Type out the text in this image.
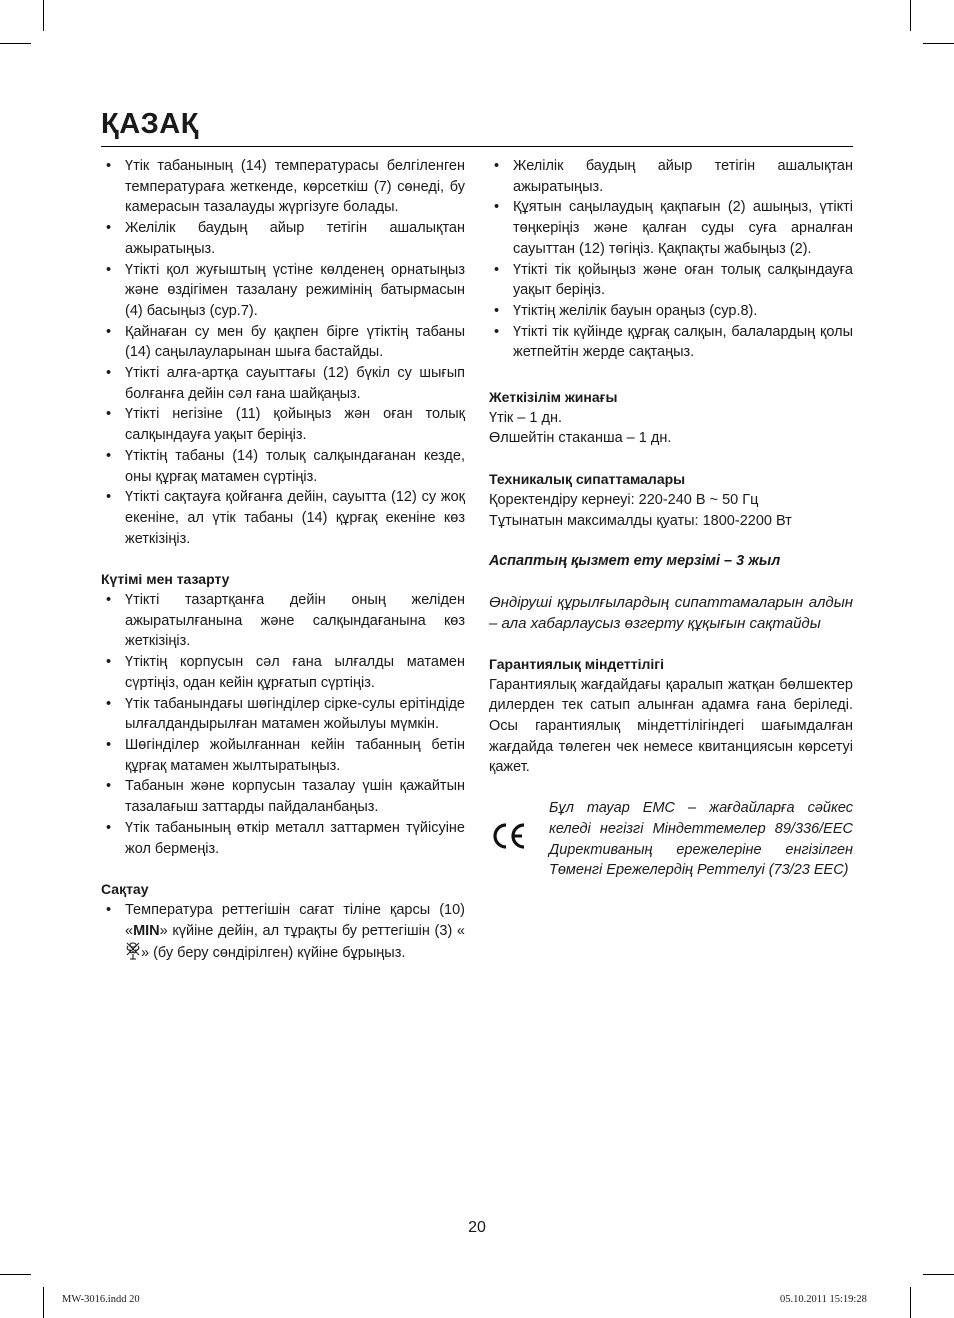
ҚАЗАҚ
• Үтік табанының (14) температурасы белгіленген температураға жеткенде, көрсеткіш (7) сөнеді, бу камерасын тазалауды жүргізуге болады.
• Желілік баудың айыр тетігін ашалықтан ажыратыңыз.
• Үтікті қол жуғыштың үстіне көлденең орнатыңыз және өздігімен тазалану режимінің батырмасын (4) басыңыз (сур.7).
• Қайнаған су мен бу қақпен бірге үтіктің табаны (14) саңылауларынан шыға бастайды.
• Үтікті алға-артқа сауыттағы (12) бүкіл су шығып болғанға дейін сәл ғана шайқаңыз.
• Үтікті негізіне (11) қойыңыз жән оған толық салқындауға уақыт беріңіз.
• Үтіктің табаны (14) толық салқындағанан кезде, оны құрғақ матамен сүртіңіз.
• Үтікті сақтауға қойғанға дейін, сауытта (12) су жоқ екеніне, ал үтік табаны (14) құрғақ екеніне көз жеткізіңіз.
Күтімі мен тазарту
• Үтікті тазартқанға дейін оның желіден ажыратылғанына және салқындағанына көз жеткізіңіз.
• Үтіктің корпусын сәл ғана ылғалды матамен сүртіңіз, одан кейін құрғатып сүртіңіз.
• Үтік табанындағы шөгінділер сірке-сулы ерітіндіде ылғалдандырылған матамен жойылуы мүмкін.
• Шөгінділер жойылғаннан кейін табанның бетін құрғақ матамен жылтыратыңыз.
• Табанын және корпусын тазалау үшін қажайтын тазалағыш заттарды пайдаланбаңыз.
• Үтік табанының өткір металл заттармен түйісуіне жол бермеңіз.
Сақтау
• Температура реттегішін сағат тіліне қарсы (10) «MIN» күйіне дейін, ал тұрақты бу реттегішін (3) «» (бу беру сөндірілген) күйіне бұрыңыз.
• Желілік баудың айыр тетігін ашалықтан ажыратыңыз.
• Құятын саңылаудың қақпағын (2) ашыңыз, үтікті төңкеріңіз және қалған суды суға арналған сауыттан (12) төгіңіз. Қақпақты жабыңыз (2).
• Үтікті тік қойыңыз және оған толық салқындауға уақыт беріңіз.
• Үтіктің желілік бауын ораңыз (сур.8).
• Үтікті тік күйінде құрғақ салқын, балалардың қолы жетпейтін жерде сақтаңыз.
Жеткізілім жинағы
Үтік – 1 дн.
Өлшейтін стаканша – 1 дн.
Техникалық сипаттамалары
Қоректендіру кернеуі: 220-240 В ~ 50 Гц
Тұтынатын максималды қуаты: 1800-2200 Вт
Аспаптың қызмет ету мерзімі – 3 жыл
Өндіруші құрылғылардың сипаттамаларын алдын – ала хабарлаусыз өзгерту құқығын сақтайды
Гарантиялық міндеттілігі
Гарантиялық жағдайдағы қаралып жатқан бөлшектер дилерден тек сатып алынған адамға ғана беріледі. Осы гарантиялық міндеттілігіндегі шағымдалған жағдайда төлеген чек немесе квитанциясын көрсетуі қажет.
Бұл тауар ЕМС – жағдайларға сәйкес келеді негізгі Міндеттемелер 89/336/ЕЕС Директиваның ережелеріне енгізілген Төменгі Ережелердің Реттелуі (73/23 ЕЕС)
20
MW-3016.indd 20	05.10.2011 15:19:28
